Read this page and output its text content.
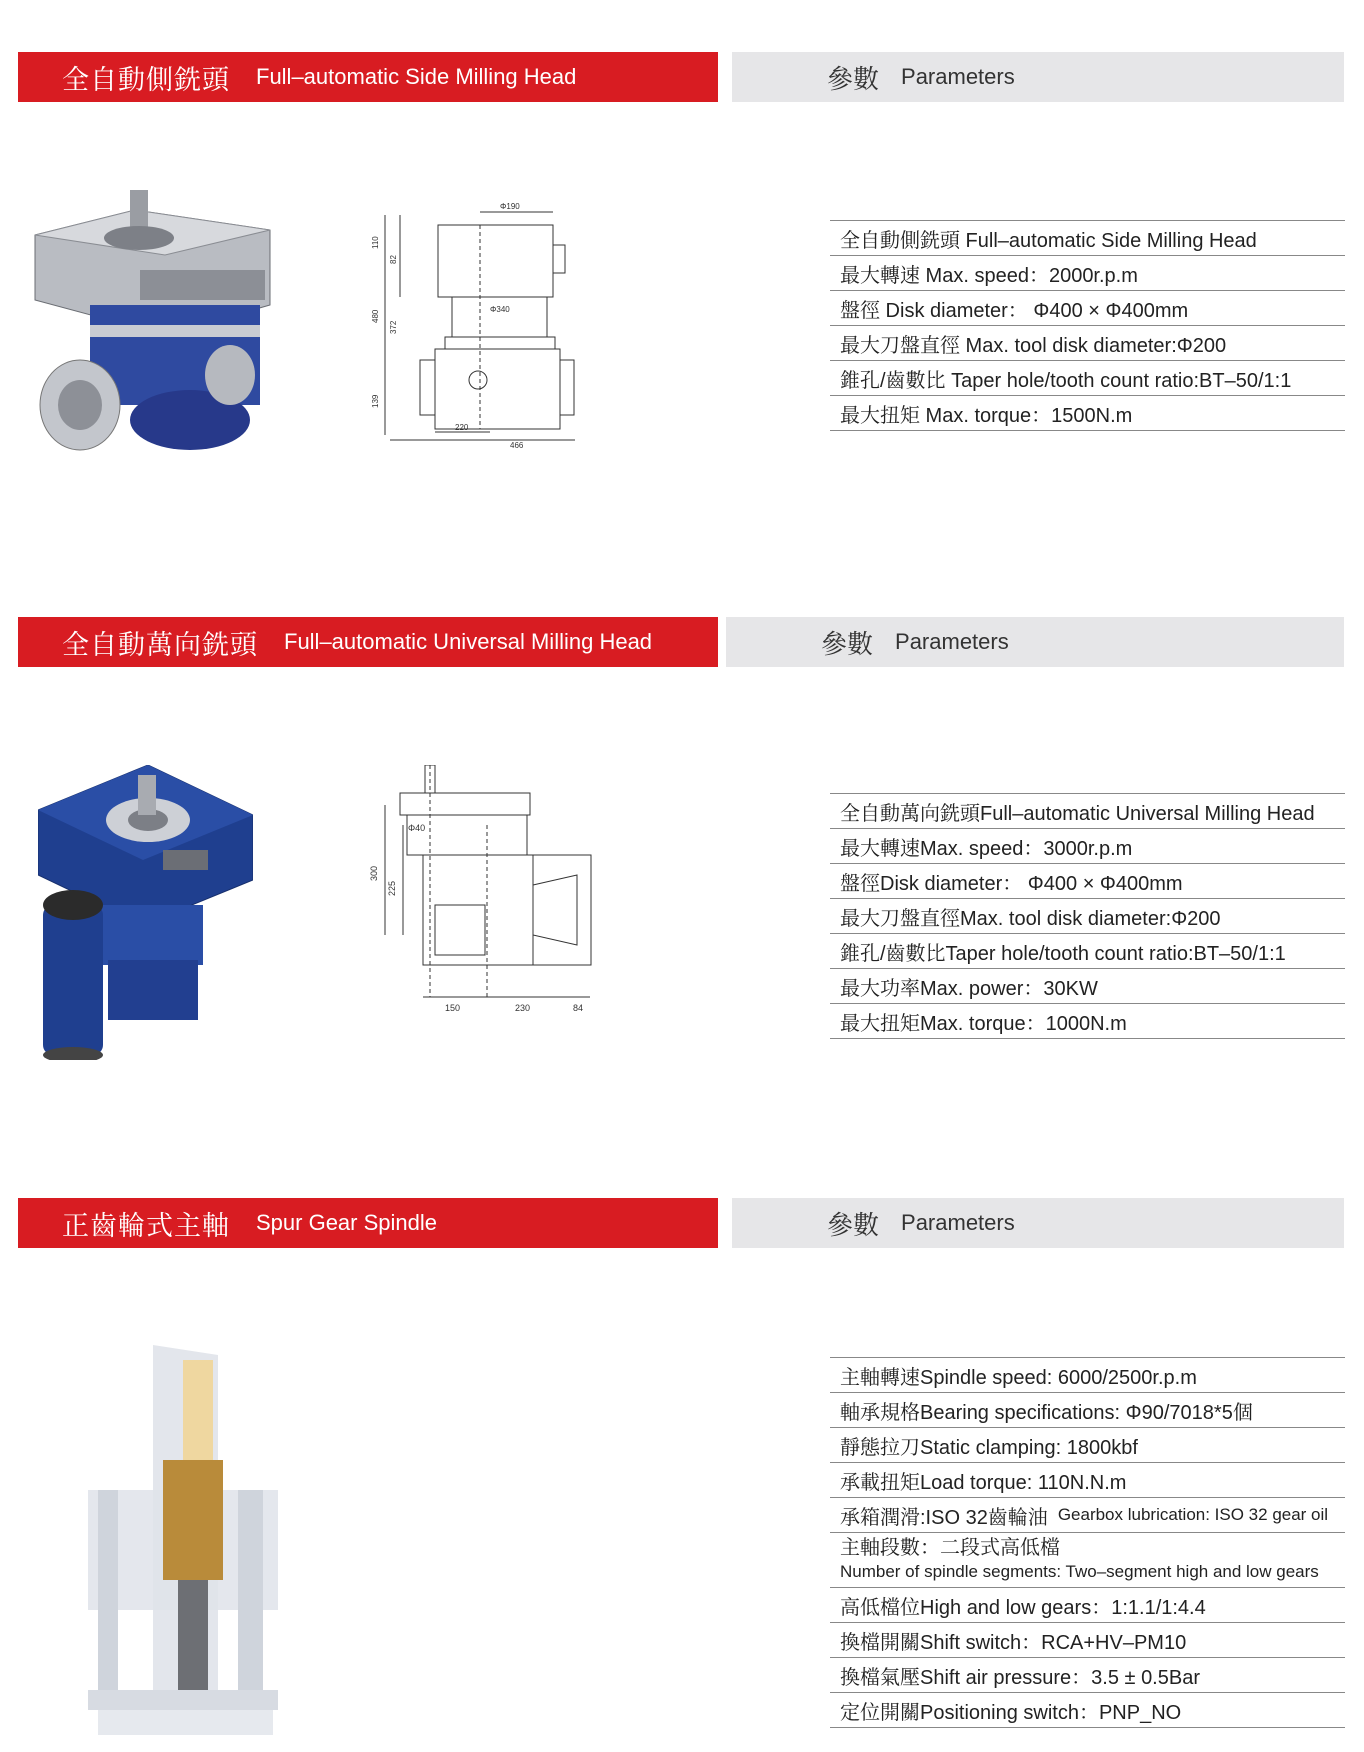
全自動側銑頭 Full–automatic Side Milling Head	參數 Parameters
Φ190
110
82
480
372
139
Φ340
220
466
全自動側銑頭 Full–automatic Side Milling Head
最大轉速 Max. speed：2000r.p.m
盤徑 Disk diameter： Φ400 × Φ400mm
最大刀盤直徑 Max. tool disk diameter:Φ200
錐孔/齒數比 Taper hole/tooth count ratio:BT–50/1:1
最大扭矩 Max. torque：1500N.m
全自動萬向銑頭 Full–automatic Universal Milling Head	參數 Parameters
300
225
Φ40
150	230	84
全自動萬向銑頭Full–automatic Universal Milling Head
最大轉速Max. speed：3000r.p.m
盤徑Disk diameter： Φ400 × Φ400mm
最大刀盤直徑Max. tool disk diameter:Φ200
錐孔/齒數比Taper hole/tooth count ratio:BT–50/1:1
最大功率Max. power：30KW
最大扭矩Max. torque：1000N.m
正齒輪式主軸 Spur Gear Spindle	參數 Parameters
主軸轉速Spindle speed: 6000/2500r.p.m
軸承規格Bearing specifications: Φ90/7018*5個
靜態拉刀Static clamping: 1800kbf
承載扭矩Load torque: 110N.N.m
承箱潤滑:ISO 32齒輪油 Gearbox lubrication: ISO 32 gear oil
主軸段數：二段式高低檔
Number of spindle segments: Two–segment high and low gears
高低檔位High and low gears：1:1.1/1:4.4
換檔開關Shift switch：RCA+HV–PM10
換檔氣壓Shift air pressure：3.5 ± 0.5Bar
定位開關Positioning switch：PNP_NO
